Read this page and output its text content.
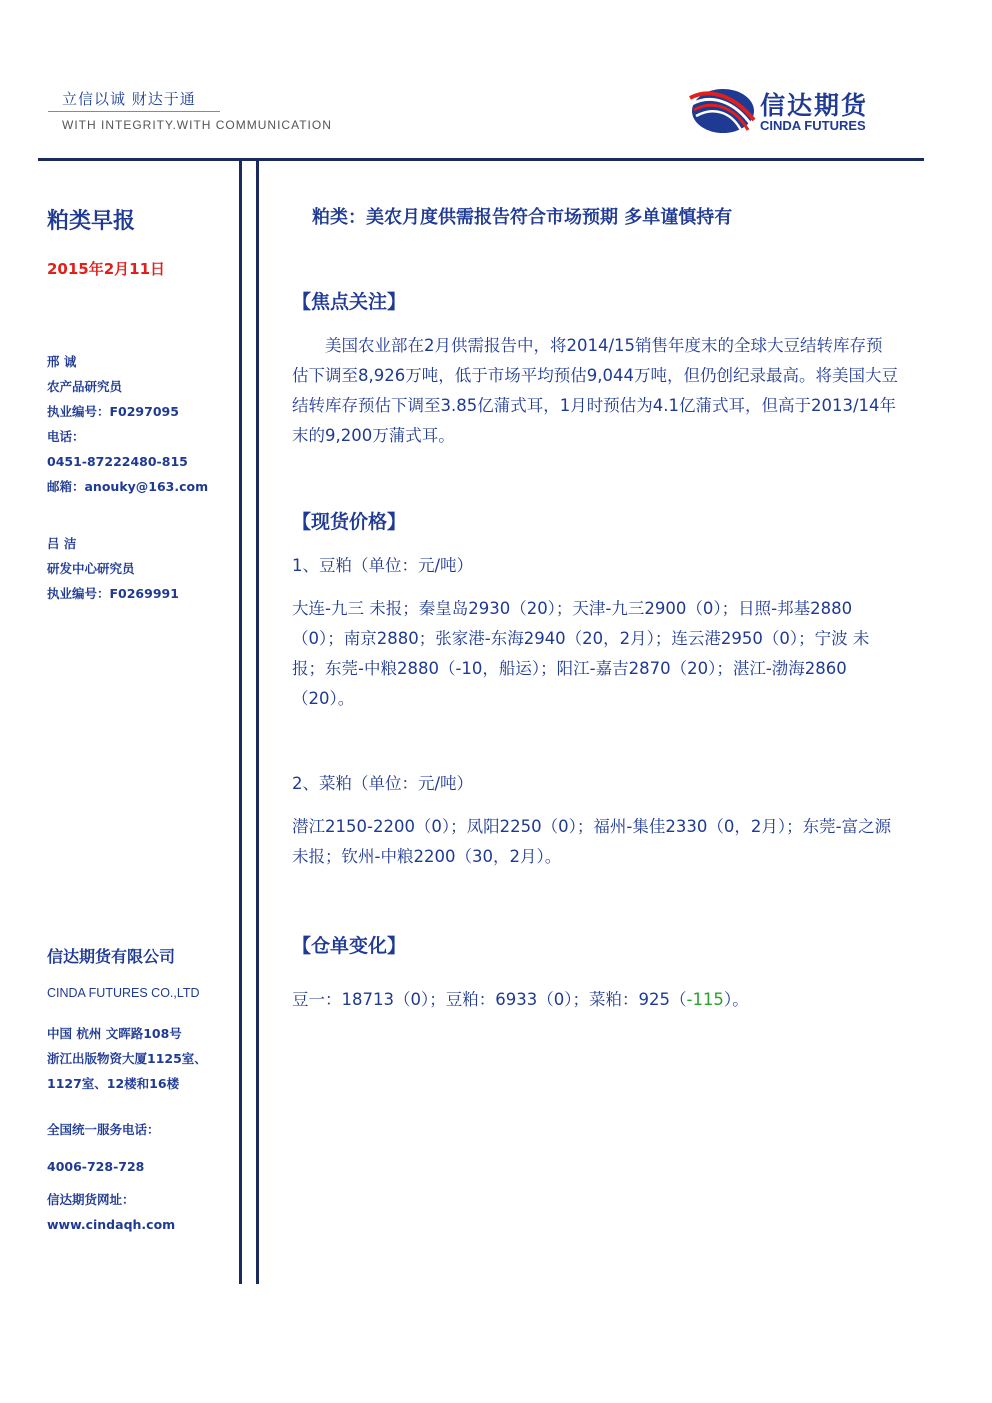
立信以诚 财达于通
WITH INTEGRITY.WITH COMMUNICATION
信达期货
CINDA FUTURES
粕类早报
2015年2月11日
邢 诚
农产品研究员
执业编号：F0297095
电话：
0451-87222480-815
邮箱：anouky@163.com
吕 洁
研发中心研究员
执业编号：F0269991
信达期货有限公司
CINDA FUTURES CO.,LTD
中国 杭州 文晖路108号
浙江出版物资大厦1125室、
1127室、12楼和16楼
全国统一服务电话：
4006-728-728
信达期货网址：
www.cindaqh.com
粕类：美农月度供需报告符合市场预期 多单谨慎持有
【焦点关注】
美国农业部在2月供需报告中，将2014/15销售年度末的全球大豆结转库存预估下调至8,926万吨，低于市场平均预估9,044万吨，但仍创纪录最高。将美国大豆结转库存预估下调至3.85亿蒲式耳，1月时预估为4.1亿蒲式耳，但高于2013/14年末的9,200万蒲式耳。
【现货价格】
1、豆粕（单位：元/吨）
大连-九三 未报；秦皇岛2930（20）；天津-九三2900（0）；日照-邦基2880（0）；南京2880；张家港-东海2940（20，2月）；连云港2950（0）；宁波 未报；东莞-中粮2880（-10，船运）；阳江-嘉吉2870（20）；湛江-渤海2860（20）。
2、菜粕（单位：元/吨）
潜江2150-2200（0）；凤阳2250（0）；福州-集佳2330（0，2月）；东莞-富之源 未报；钦州-中粮2200（30，2月）。
【仓单变化】
豆一：18713（0）；豆粕：6933（0）；菜粕：925（-115）。
